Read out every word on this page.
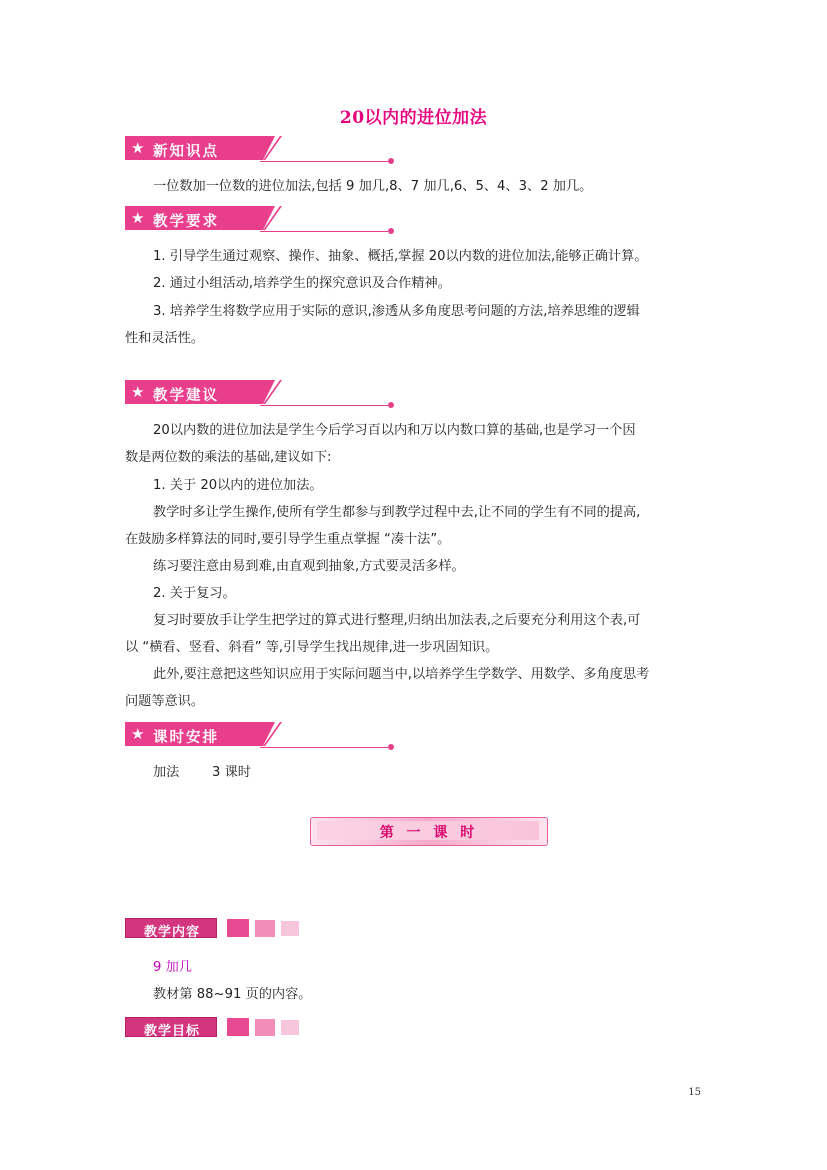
20以内的进位加法
★ 新知识点
一位数加一位数的进位加法,包括 9 加几,8、7 加几,6、5、4、3、2 加几。
★ 教学要求
1. 引导学生通过观察、操作、抽象、概括,掌握 20以内数的进位加法,能够正确计算。
2. 通过小组活动,培养学生的探究意识及合作精神。
3. 培养学生将数学应用于实际的意识,渗透从多角度思考问题的方法,培养思维的逻辑
性和灵活性。
★ 教学建议
20以内数的进位加法是学生今后学习百以内和万以内数口算的基础,也是学习一个因
数是两位数的乘法的基础,建议如下:
1. 关于 20以内的进位加法。
教学时多让学生操作,使所有学生都参与到教学过程中去,让不同的学生有不同的提高,
在鼓励多样算法的同时,要引导学生重点掌握 “凑十法”。
练习要注意由易到难,由直观到抽象,方式要灵活多样。
2. 关于复习。
复习时要放手让学生把学过的算式进行整理,归纳出加法表,之后要充分利用这个表,可
以 “横看、竖看、斜看” 等,引导学生找出规律,进一步巩固知识。
此外,要注意把这些知识应用于实际问题当中,以培养学生学数学、用数学、多角度思考
问题等意识。
★ 课时安排
加法 3 课时
第 一 课 时
教学内容
9 加几
教材第 88~91 页的内容。
教学目标
15
